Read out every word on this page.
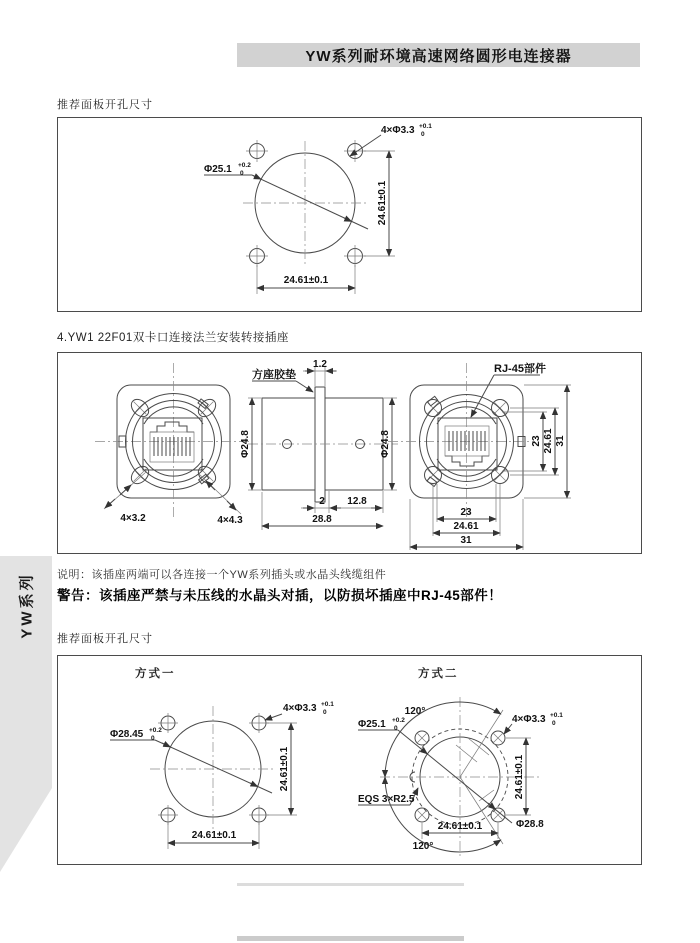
YW系列耐环境高速网络圆形电连接器
推荐面板开孔尺寸
4.YW1 22F01双卡口连接法兰安装转接插座
说明：该插座两端可以各连接一个YW系列插头或水晶头线缆组件
警告：该插座严禁与未压线的水晶头对插，以防损坏插座中RJ-45部件！
推荐面板开孔尺寸
方式一	方式二
YW系列
Φ25.1 +0.2
0
4×Φ3.3 +0.1
0
24.61±0.1
24.61±0.1
4×3.2	4×4.3
方座胶垫
1.2
Φ24.8	Φ24.8
2 12.8
28.8
RJ-45部件
23 24.61 31
23
24.61
31
Φ28.45 +0.2
0
4×Φ3.3 +0.1
0
24.61±0.1
24.61±0.1
120°
120°
Φ25.1 +0.2
0
Φ28.8
EQS 3×R2.5
4×Φ3.3 +0.1
0
24.61±0.1
24.61±0.1
